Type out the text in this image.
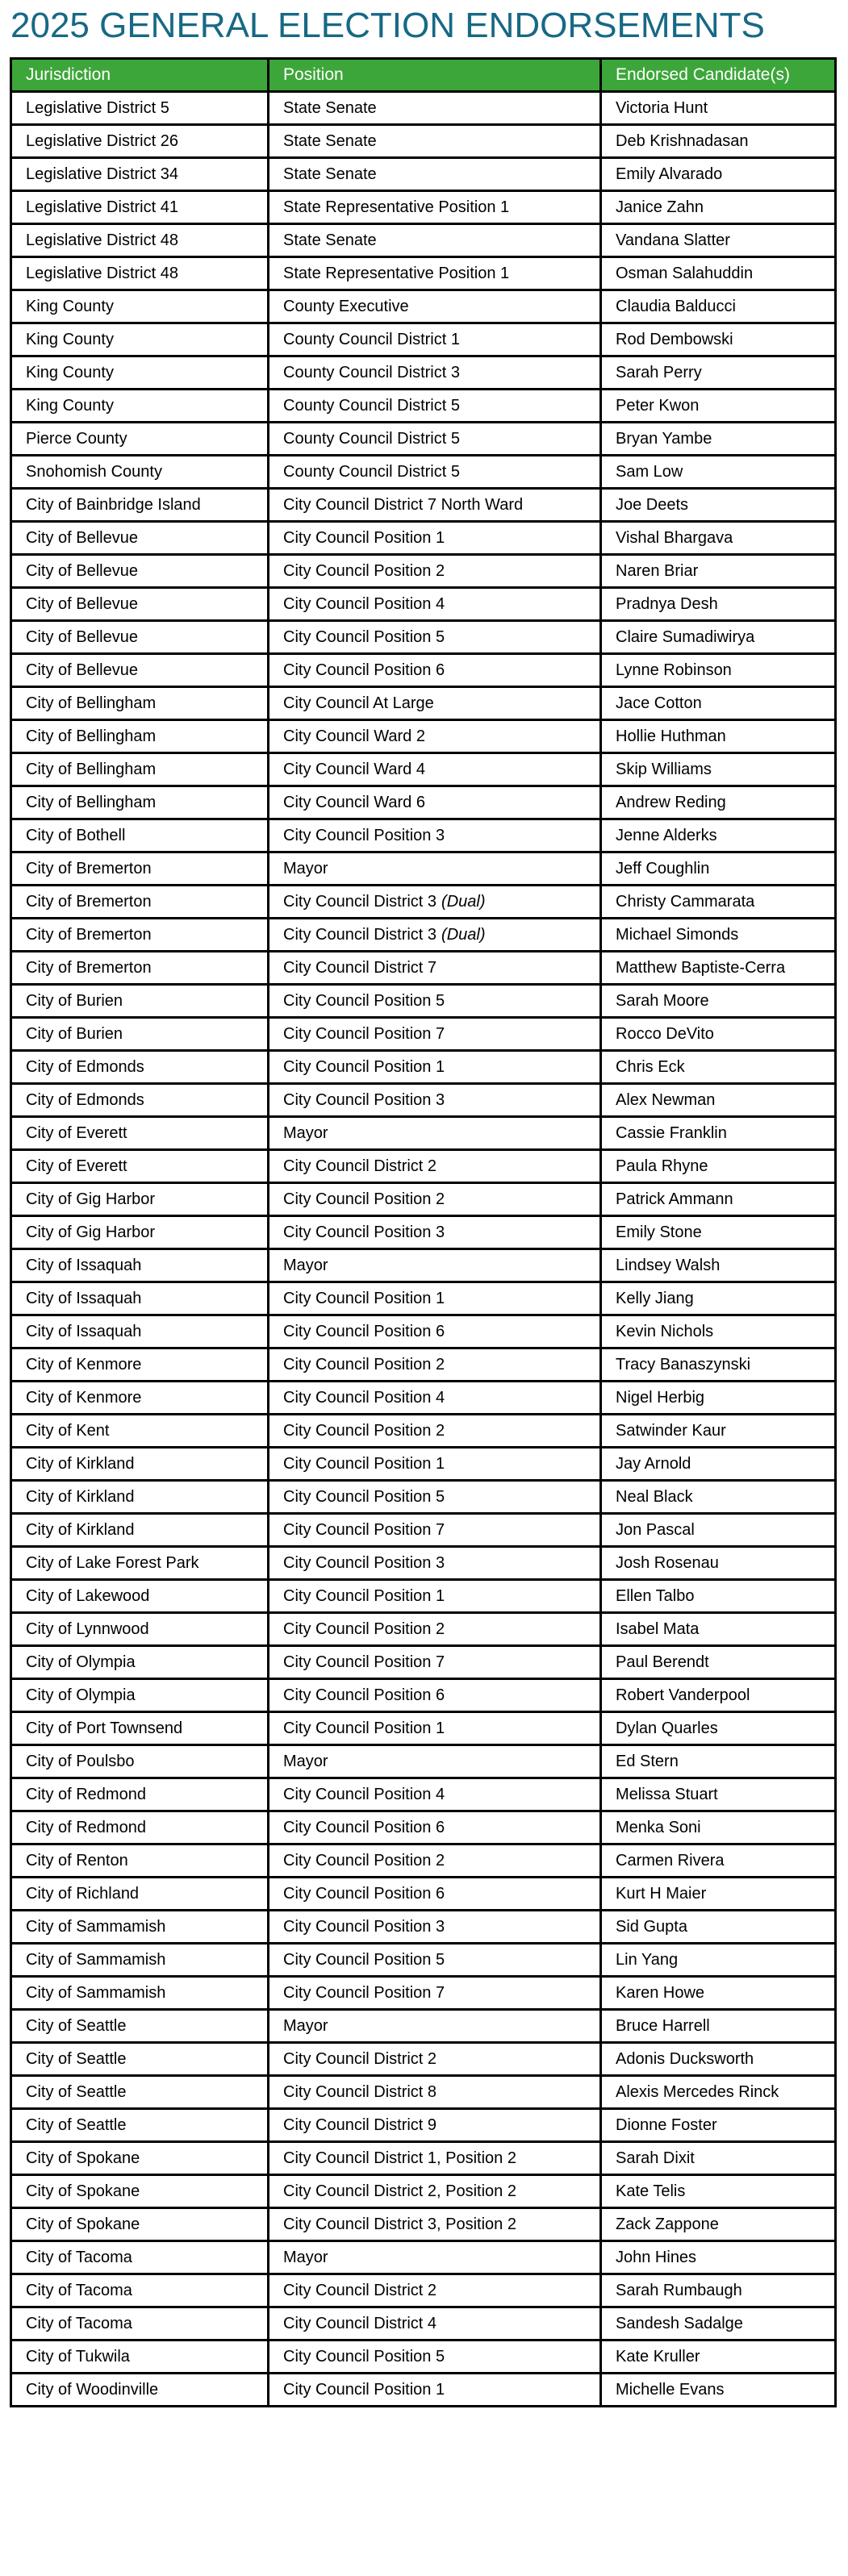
2025 GENERAL ELECTION ENDORSEMENTS
Jurisdiction	Position	Endorsed Candidate(s)
Legislative District 5	State Senate	Victoria Hunt
Legislative District 26	State Senate	Deb Krishnadasan
Legislative District 34	State Senate	Emily Alvarado
Legislative District 41	State Representative Position 1	Janice Zahn
Legislative District 48	State Senate	Vandana Slatter
Legislative District 48	State Representative Position 1	Osman Salahuddin
King County	County Executive	Claudia Balducci
King County	County Council District 1	Rod Dembowski
King County	County Council District 3	Sarah Perry
King County	County Council District 5	Peter Kwon
Pierce County	County Council District 5	Bryan Yambe
Snohomish County	County Council District 5	Sam Low
City of Bainbridge Island	City Council District 7 North Ward	Joe Deets
City of Bellevue	City Council Position 1	Vishal Bhargava
City of Bellevue	City Council Position 2	Naren Briar
City of Bellevue	City Council Position 4	Pradnya Desh
City of Bellevue	City Council Position 5	Claire Sumadiwirya
City of Bellevue	City Council Position 6	Lynne Robinson
City of Bellingham	City Council At Large	Jace Cotton
City of Bellingham	City Council Ward 2	Hollie Huthman
City of Bellingham	City Council Ward 4	Skip Williams
City of Bellingham	City Council Ward 6	Andrew Reding
City of Bothell	City Council Position 3	Jenne Alderks
City of Bremerton	Mayor	Jeff Coughlin
City of Bremerton	City Council District 3 (Dual)	Christy Cammarata
City of Bremerton	City Council District 3 (Dual)	Michael Simonds
City of Bremerton	City Council District 7	Matthew Baptiste-Cerra
City of Burien	City Council Position 5	Sarah Moore
City of Burien	City Council Position 7	Rocco DeVito
City of Edmonds	City Council Position 1	Chris Eck
City of Edmonds	City Council Position 3	Alex Newman
City of Everett	Mayor	Cassie Franklin
City of Everett	City Council District 2	Paula Rhyne
City of Gig Harbor	City Council Position 2	Patrick Ammann
City of Gig Harbor	City Council Position 3	Emily Stone
City of Issaquah	Mayor	Lindsey Walsh
City of Issaquah	City Council Position 1	Kelly Jiang
City of Issaquah	City Council Position 6	Kevin Nichols
City of Kenmore	City Council Position 2	Tracy Banaszynski
City of Kenmore	City Council Position 4	Nigel Herbig
City of Kent	City Council Position 2	Satwinder Kaur
City of Kirkland	City Council Position 1	Jay Arnold
City of Kirkland	City Council Position 5	Neal Black
City of Kirkland	City Council Position 7	Jon Pascal
City of Lake Forest Park	City Council Position 3	Josh Rosenau
City of Lakewood	City Council Position 1	Ellen Talbo
City of Lynnwood	City Council Position 2	Isabel Mata
City of Olympia	City Council Position 7	Paul Berendt
City of Olympia	City Council Position 6	Robert Vanderpool
City of Port Townsend	City Council Position 1	Dylan Quarles
City of Poulsbo	Mayor	Ed Stern
City of Redmond	City Council Position 4	Melissa Stuart
City of Redmond	City Council Position 6	Menka Soni
City of Renton	City Council Position 2	Carmen Rivera
City of Richland	City Council Position 6	Kurt H Maier
City of Sammamish	City Council Position 3	Sid Gupta
City of Sammamish	City Council Position 5	Lin Yang
City of Sammamish	City Council Position 7	Karen Howe
City of Seattle	Mayor	Bruce Harrell
City of Seattle	City Council District 2	Adonis Ducksworth
City of Seattle	City Council District 8	Alexis Mercedes Rinck
City of Seattle	City Council District 9	Dionne Foster
City of Spokane	City Council District 1, Position 2	Sarah Dixit
City of Spokane	City Council District 2, Position 2	Kate Telis
City of Spokane	City Council District 3, Position 2	Zack Zappone
City of Tacoma	Mayor	John Hines
City of Tacoma	City Council District 2	Sarah Rumbaugh
City of Tacoma	City Council District 4	Sandesh Sadalge
City of Tukwila	City Council Position 5	Kate Kruller
City of Woodinville	City Council Position 1	Michelle Evans
